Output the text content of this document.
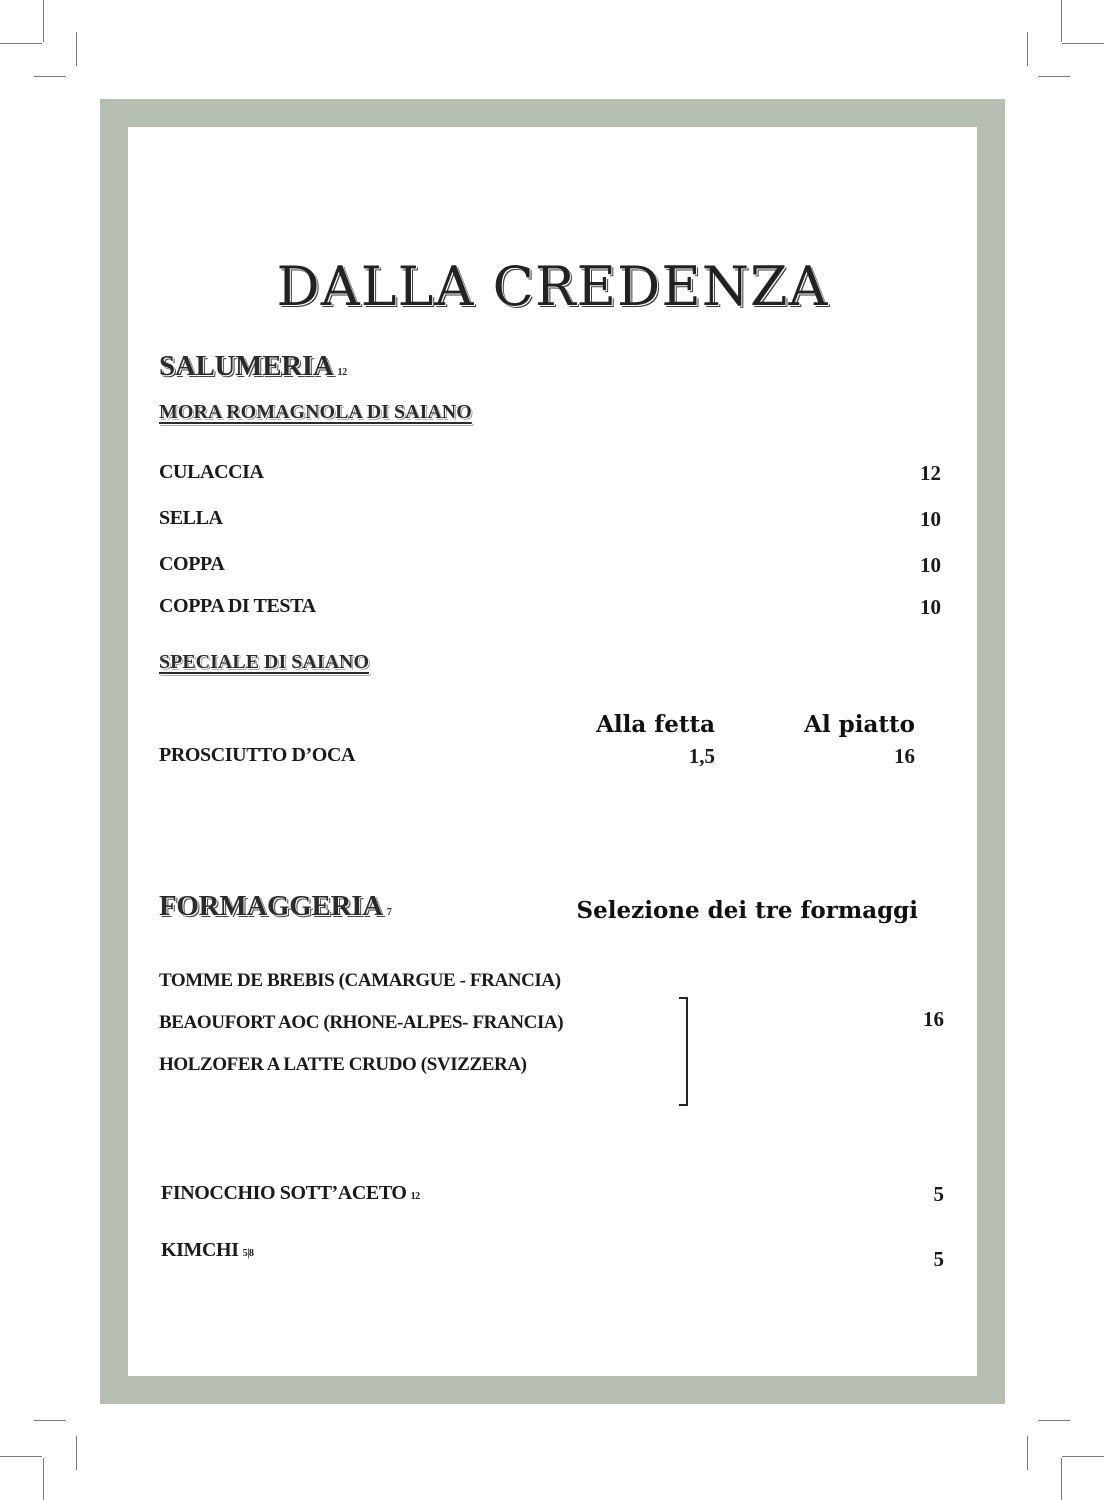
DALLA CREDENZA
SALUMERIA 12
MORA ROMAGNOLA DI SAIANO
CULACCIA	12
SELLA	10
COPPA	10
COPPA DI TESTA	10
SPECIALE DI SAIANO
Alla fetta	Al piatto
PROSCIUTTO D’OCA	1,5	16
FORMAGGERIA 7	Selezione dei tre formaggi
TOMME DE BREBIS (CAMARGUE - FRANCIA)
BEAOUFORT AOC (RHONE-ALPES- FRANCIA)
HOLZOFER A LATTE CRUDO (SVIZZERA)
16
FINOCCHIO SOTT’ACETO 12	5
KIMCHI 5|8	5
